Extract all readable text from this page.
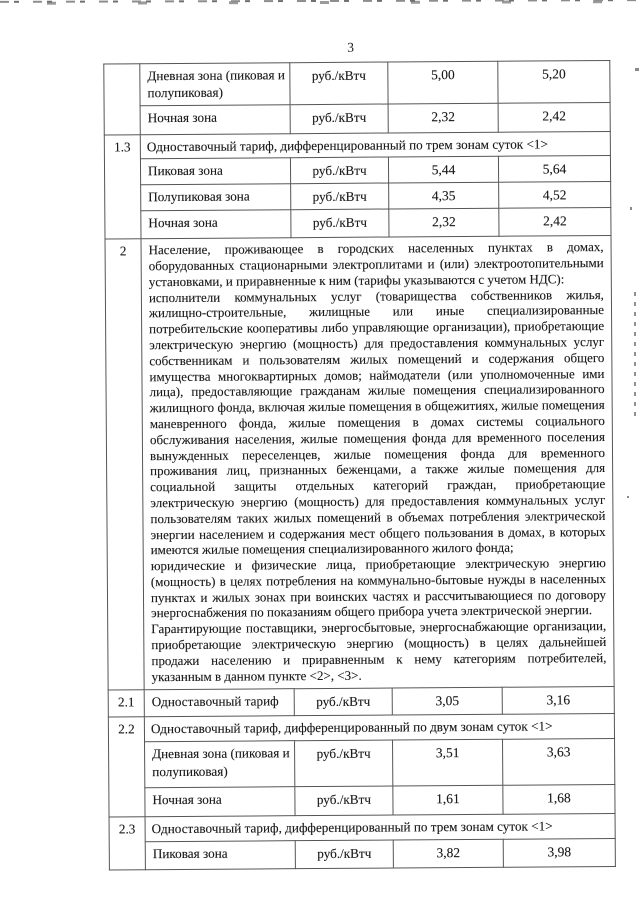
3
	Дневная зона (пиковая и полупиковая)	руб./кВтч	5,00	5,20
	Ночная зона	руб./кВтч	2,32	2,42
1.3	Одноставочный тариф, дифференцированный по трем зонам суток <1>			
	Пиковая зона	руб./кВтч	5,44	5,64
	Полупиковая зона	руб./кВтч	4,35	4,52
	Ночная зона	руб./кВтч	2,32	2,42
2	Население, проживающее в городских населенных пунктах в домах, оборудованных стационарными электроплитами и (или) электроотопительными установками, и приравненные к ним (тарифы указываются с учетом НДС):

исполнители коммунальных услуг (товарищества собственников жилья, жилищно-строительные, жилищные или иные специализированные потребительские кооперативы либо управляющие организации), приобретающие электрическую энергию (мощность) для предоставления коммунальных услуг собственникам и пользователям жилых помещений и содержания общего имущества многоквартирных домов; наймодатели (или уполномоченные ими лица), предоставляющие гражданам жилые помещения специализированного жилищного фонда, включая жилые помещения в общежитиях, жилые помещения маневренного фонда, жилые помещения в домах системы социального обслуживания населения, жилые помещения фонда для временного поселения вынужденных переселенцев, жилые помещения фонда для временного проживания лиц, признанных беженцами, а также жилые помещения для социальной защиты отдельных категорий граждан, приобретающие электрическую энергию (мощность) для предоставления коммунальных услуг пользователям таких жилых помещений в объемах потребления электрической энергии населением и содержания мест общего пользования в домах, в которых имеются жилые помещения специализированного жилого фонда;

юридические и физические лица, приобретающие электрическую энергию (мощность) в целях потребления на коммунально-бытовые нужды в населенных пунктах и жилых зонах при воинских частях и рассчитывающиеся по договору энергоснабжения по показаниям общего прибора учета электрической энергии.

Гарантирующие поставщики, энергосбытовые, энергоснабжающие организации, приобретающие электрическую энергию (мощность) в целях дальнейшей продажи населению и приравненным к нему категориям потребителей, указанным в данном пункте <2>, <3>.			

2.1	Одноставочный тариф	руб./кВтч	3,05	3,16
2.2	Одноставочный тариф, дифференцированный по двум зонам суток <1>			
	Дневная зона (пиковая и полупиковая)	руб./кВтч	3,51	3,63
	Ночная зона	руб./кВтч	1,61	1,68
2.3	Одноставочный тариф, дифференцированный по трем зонам суток <1>			
	Пиковая зона	руб./кВтч	3,82	3,98
